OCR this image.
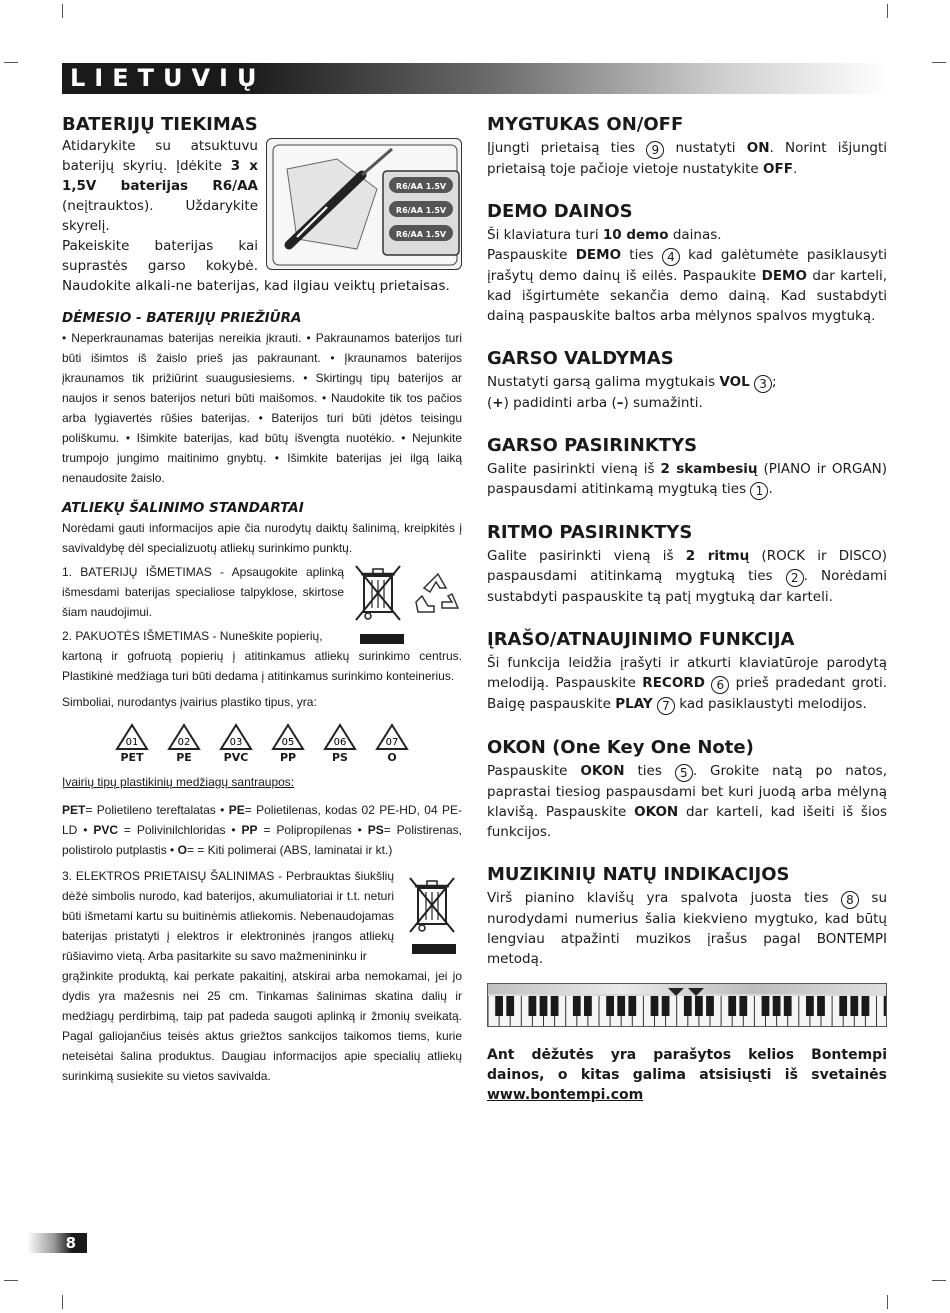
LIETUVIŲ
BATERIJŲ TIEKIMAS
R6/AA 1.5V
R6/AA 1.5V
R6/AA 1.5V

Atidarykite su atsuktuvu baterijų skyrių. Įdėkite 3 x 1,5V baterijas R6/AA (neįtrauktos). Uždarykite skyrelį.
Pakeiskite baterijas kai suprastės garso kokybė. Naudokite alkali-ne baterijas, kad ilgiau veiktų prietaisas.

DĖMESIO - BATERIJŲ PRIEŽIŪRA

• Neperkraunamas baterijas nereikia įkrauti. • Pakraunamos baterijos turi būti išimtos iš žaislo prieš jas pakraunant. • Įkraunamos baterijos įkraunamos tik prižiūrint suaugusiesiems. • Skirtingų tipų baterijos ar naujos ir senos baterijos neturi būti maišomos. • Naudokite tik tos pačios arba lygiavertės rūšies baterijas. • Baterijos turi būti įdėtos teisingu poliškumu. • Išimkite baterijas, kad būtų išvengta nuotėkio. • Nejunkite trumpojo jungimo maitinimo gnybtų. • Išimkite baterijas jei ilgą laiką nenaudosite žaislo.

ATLIEKŲ ŠALINIMO STANDARTAI

Norėdami gauti informacijos apie čia nurodytų daiktų šalinimą, kreipkitės į savivaldybę dėl specializuotų atliekų surinkimo punktų.

1. BATERIJŲ IŠMETIMAS - Apsaugokite aplinką išmesdami baterijas specialiose talpyklose, skirtose šiam naudojimui.

2. PAKUOTĖS IŠMETIMAS - Nuneškite popierių,

kartoną ir gofruotą popierių į atitinkamus atliekų surinkimo centrus. Plastikinė medžiaga turi būti dedama į atitinkamus surinkimo konteinerius.

Simboliai, nurodantys įvairius plastiko tipus, yra:

01
PET
02
PE
03
PVC
05
PP
06
PS
07
O

Įvairių tipų plastikinių medžiagų santraupos:

PET= Polietileno tereftalatas • PE= Polietilenas, kodas 02 PE-HD, 04 PE-LD • PVC = Polivinilchloridas • PP = Polipropilenas • PS= Polistirenas, polistirolo putplastis • O= = Kiti polimerai (ABS, laminatai ir kt.)

3. ELEKTROS PRIETAISŲ ŠALINIMAS - Perbrauktas šiukšlių dėžė simbolis nurodo, kad baterijos, akumuliatoriai ir t.t. neturi būti išmetami kartu su buitinėmis atliekomis. Nebenaudojamas baterijas pristatyti į elektros ir elektroninės įrangos atliekų rūšiavimo vietą. Arba pasitarkite su savo mažmenininku ir

grąžinkite produktą, kai perkate pakaitinį, atskirai arba nemokamai, jei jo dydis yra mažesnis nei 25 cm. Tinkamas šalinimas skatina dalių ir medžiagų perdirbimą, taip pat padeda saugoti aplinką ir žmonių sveikatą. Pagal galiojančius teisės aktus griežtos sankcijos taikomos tiems, kurie neteisėtai šalina produktus. Daugiau informacijos apie specialių atliekų surinkimą susiekite su vietos savivalda.

MYGTUKAS ON/OFF

Įjungti prietaisą ties 9 nustatyti ON. Norint išjungti prietaisą toje pačioje vietoje nustatykite OFF.

DEMO DAINOS

Ši klaviatura turi 10 demo dainas.
Paspauskite DEMO ties 4 kad galėtumėte pasiklausyti įrašytų demo dainų iš eilės. Paspaukite DEMO dar karteli, kad išgirtumėte sekančia demo dainą. Kad sustabdyti dainą paspauskite baltos arba mėlynos spalvos mygtuką.

GARSO VALDYMAS

Nustatyti garsą galima mygtukais VOL 3 ;
(+) padidinti arba (–) sumažinti.

GARSO PASIRINKTYS

Galite pasirinkti vieną iš 2 skambesių (PIANO ir ORGAN) paspausdami atitinkamą mygtuką ties 1 .

RITMO PASIRINKTYS

Galite pasirinkti vieną iš 2 ritmų (ROCK ir DISCO) paspausdami atitinkamą mygtuką ties 2 . Norėdami sustabdyti paspauskite tą patį mygtuką dar karteli.

ĮRAŠO/ATNAUJINIMO FUNKCIJA

Ši funkcija leidžia įrašyti ir atkurti klaviatūroje parodytą melodiją. Paspauskite RECORD 6 prieš pradedant groti. Baigę paspauskite PLAY 7 kad pasiklaustyti melodijos.

OKON (One Key One Note)

Paspauskite OKON ties 5 . Grokite natą po natos, paprastai tiesiog paspausdami bet kuri juodą arba mėlyną klavišą. Paspauskite OKON dar karteli, kad išeiti iš šios funkcijos.

MUZIKINIŲ NATŲ INDIKACIJOS

Virš pianino klavišų yra spalvota juosta ties 8 su nurodydami numerius šalia kiekvieno mygtuko, kad būtų lengviau atpažinti muzikos įrašus pagal BONTEMPI metodą.

Ant dėžutės yra parašytos kelios Bontempi dainos, o kitas galima atsisiųsti iš svetainės www.bontempi.com

8
